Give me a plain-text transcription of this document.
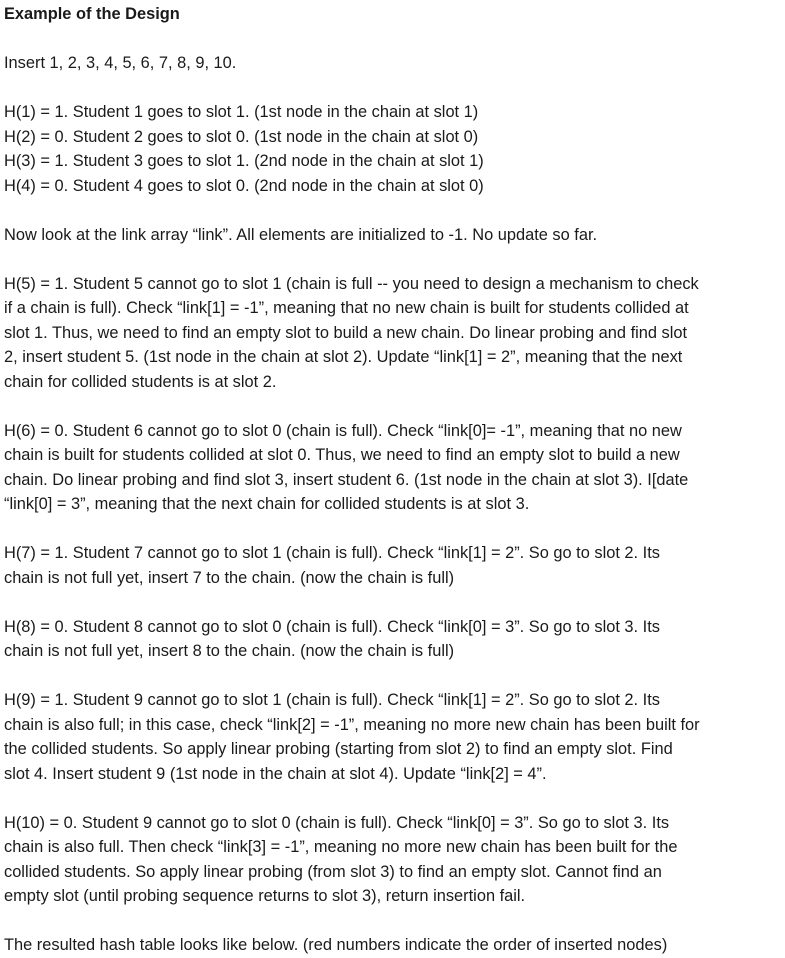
Example of the Design
Insert 1, 2, 3, 4, 5, 6, 7, 8, 9, 10.
H(1) = 1. Student 1 goes to slot 1. (1st node in the chain at slot 1)
H(2) = 0. Student 2 goes to slot 0. (1st node in the chain at slot 0)
H(3) = 1. Student 3 goes to slot 1. (2nd node in the chain at slot 1)
H(4) = 0. Student 4 goes to slot 0. (2nd node in the chain at slot 0)
Now look at the link array “link”. All elements are initialized to -1. No update so far.
H(5) = 1. Student 5 cannot go to slot 1 (chain is full -- you need to design a mechanism to check
if a chain is full). Check “link[1] = -1”, meaning that no new chain is built for students collided at
slot 1. Thus, we need to find an empty slot to build a new chain. Do linear probing and find slot
2, insert student 5. (1st node in the chain at slot 2). Update “link[1] = 2”, meaning that the next
chain for collided students is at slot 2.
H(6) = 0. Student 6 cannot go to slot 0 (chain is full). Check “link[0]= -1”, meaning that no new
chain is built for students collided at slot 0. Thus, we need to find an empty slot to build a new
chain. Do linear probing and find slot 3, insert student 6. (1st node in the chain at slot 3). I[date
“link[0] = 3”, meaning that the next chain for collided students is at slot 3.
H(7) = 1. Student 7 cannot go to slot 1 (chain is full). Check “link[1] = 2”. So go to slot 2. Its
chain is not full yet, insert 7 to the chain. (now the chain is full)
H(8) = 0. Student 8 cannot go to slot 0 (chain is full). Check “link[0] = 3”. So go to slot 3. Its
chain is not full yet, insert 8 to the chain. (now the chain is full)
H(9) = 1. Student 9 cannot go to slot 1 (chain is full). Check “link[1] = 2”. So go to slot 2. Its
chain is also full; in this case, check “link[2] = -1”, meaning no more new chain has been built for
the collided students. So apply linear probing (starting from slot 2) to find an empty slot. Find
slot 4. Insert student 9 (1st node in the chain at slot 4). Update “link[2] = 4”.
H(10) = 0. Student 9 cannot go to slot 0 (chain is full). Check “link[0] = 3”. So go to slot 3. Its
chain is also full. Then check “link[3] = -1”, meaning no more new chain has been built for the
collided students. So apply linear probing (from slot 3) to find an empty slot. Cannot find an
empty slot (until probing sequence returns to slot 3), return insertion fail.
The resulted hash table looks like below. (red numbers indicate the order of inserted nodes)
